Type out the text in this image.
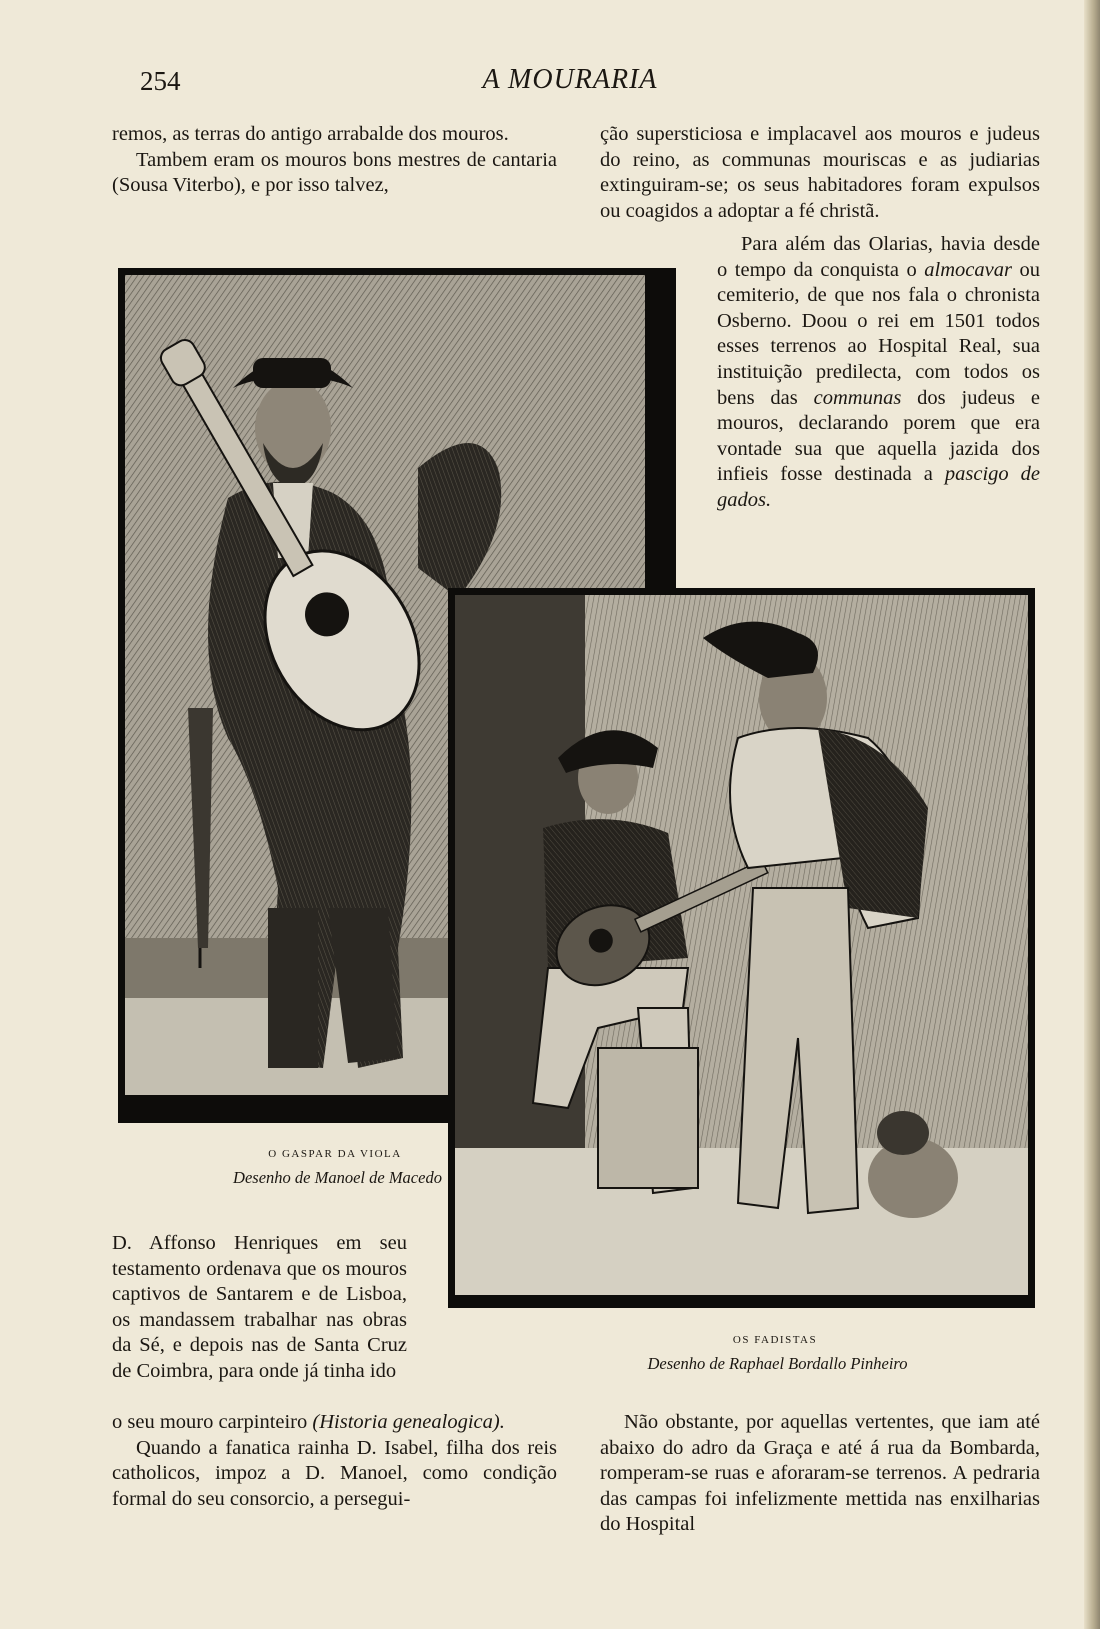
254	A MOURARIA

remos, as terras do antigo arrabalde dos mouros.

Tambem eram os mouros bons mestres de cantaria (Sousa Viterbo), e por isso talvez,

ção supersticiosa e implacavel aos mouros e judeus do reino, as communas mouriscas e as judiarias extinguiram-se; os seus habitadores foram expulsos ou coagidos a adoptar a fé christã.

Para além das Olarias, havia desde o tempo da conquista o almocavar ou cemiterio, de que nos fala o chronista Osberno. Doou o rei em 1501 todos esses terrenos ao Hospital Real, sua instituição predilecta, com todos os bens das communas dos judeus e mouros, declarando porem que era vontade sua que aquella jazida dos infieis fosse destinada a pascigo de gados.

O GASPAR DA VIOLA
Desenho de Manoel de Macedo

D. Affonso Henriques em seu testamento ordenava que os mouros captivos de Santarem e de Lisboa, os mandassem trabalhar nas obras da Sé, e depois nas de Santa Cruz de Coimbra, para onde já tinha ido

OS FADISTAS
Desenho de Raphael Bordallo Pinheiro

o seu mouro carpinteiro (Historia genealogica).

Quando a fanatica rainha D. Isabel, filha dos reis catholicos, impoz a D. Manoel, como condição formal do seu consorcio, a persegui-

Não obstante, por aquellas vertentes, que iam até abaixo do adro da Graça e até á rua da Bombarda, romperam-se ruas e aforaram-se terrenos. A pedraria das campas foi infelizmente mettida nas enxilharias do Hospital
